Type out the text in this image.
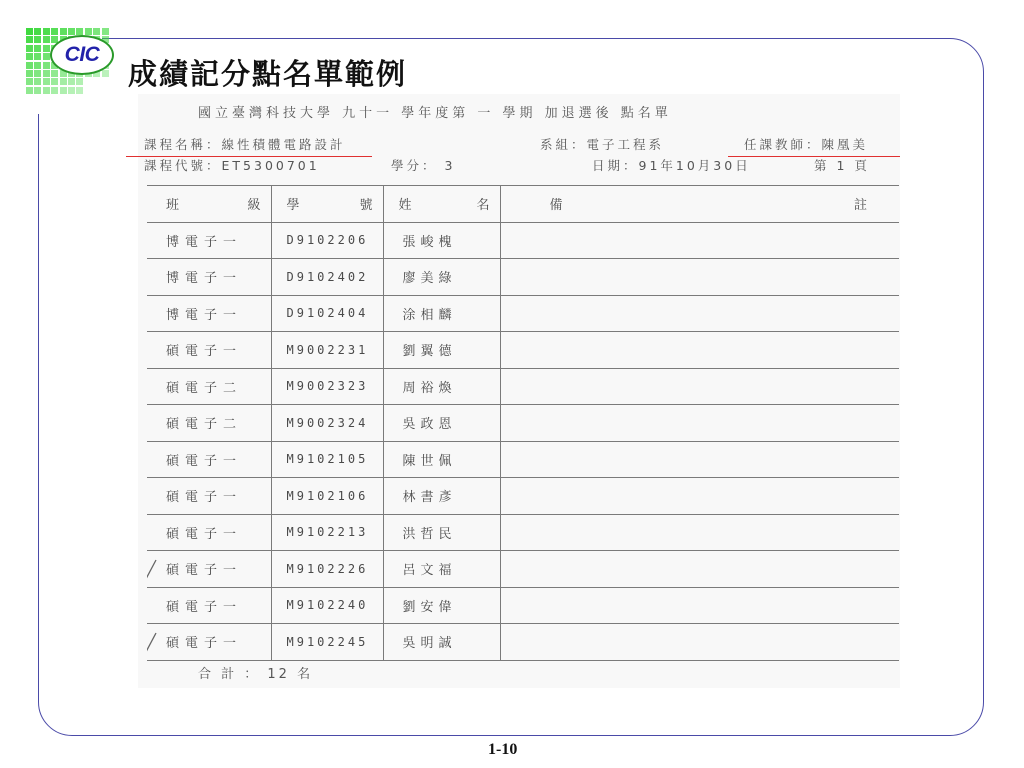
CIC
成績記分點名單範例
國立臺灣科技大學 九十一 學年度第 一 學期 加退選後 點名單
課程名稱：線性積體電路設計	系組：電子工程系	任課教師：陳凰美
課程代號：ET5300701	學分： 3	日期：91年10月30日	第 1 頁
班 級	學 號	姓 名	備 註

博電子一	D9102206	張峻槐	
博電子一	D9102402	廖美綠	
博電子一	D9102404	涂相麟	
碩電子一	M9002231	劉翼德	
碩電子二	M9002323	周裕煥	
碩電子二	M9002324	吳政恩	
碩電子一	M9102105	陳世佩	
碩電子一	M9102106	林書彥	
碩電子一	M9102213	洪哲民	

碩電子一	M9102226	呂文福	
碩電子一	M9102240	劉安偉	

碩電子一	M9102245	吳明誠	
合 計 ： 12 名
1-10
